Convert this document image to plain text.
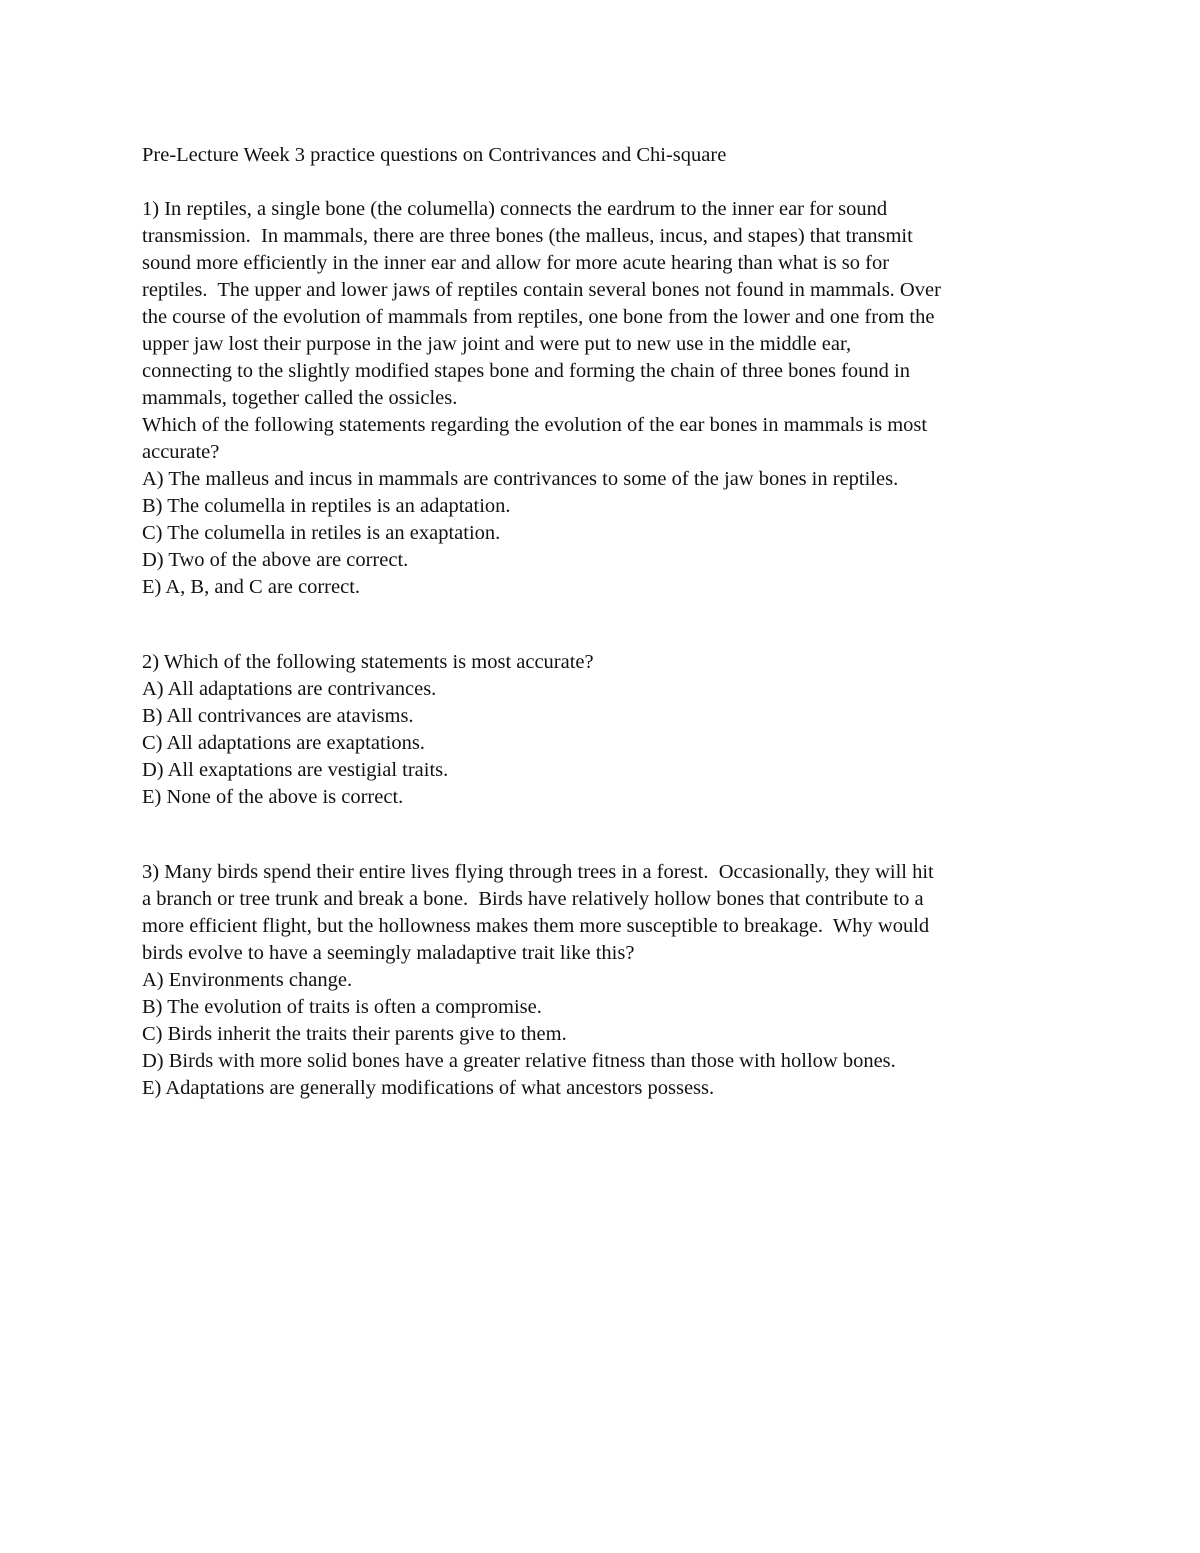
Pre-Lecture Week 3 practice questions on Contrivances and Chi-square
1) In reptiles, a single bone (the columella) connects the eardrum to the inner ear for sound
transmission.  In mammals, there are three bones (the malleus, incus, and stapes) that transmit
sound more efficiently in the inner ear and allow for more acute hearing than what is so for
reptiles.  The upper and lower jaws of reptiles contain several bones not found in mammals. Over
the course of the evolution of mammals from reptiles, one bone from the lower and one from the
upper jaw lost their purpose in the jaw joint and were put to new use in the middle ear,
connecting to the slightly modified stapes bone and forming the chain of three bones found in
mammals, together called the ossicles.
Which of the following statements regarding the evolution of the ear bones in mammals is most
accurate?
A) The malleus and incus in mammals are contrivances to some of the jaw bones in reptiles.
B) The columella in reptiles is an adaptation.
C) The columella in retiles is an exaptation.
D) Two of the above are correct.
E) A, B, and C are correct.
2) Which of the following statements is most accurate?
A) All adaptations are contrivances.
B) All contrivances are atavisms.
C) All adaptations are exaptations.
D) All exaptations are vestigial traits.
E) None of the above is correct.
3) Many birds spend their entire lives flying through trees in a forest.  Occasionally, they will hit
a branch or tree trunk and break a bone.  Birds have relatively hollow bones that contribute to a
more efficient flight, but the hollowness makes them more susceptible to breakage.  Why would
birds evolve to have a seemingly maladaptive trait like this?
A) Environments change.
B) The evolution of traits is often a compromise.
C) Birds inherit the traits their parents give to them.
D) Birds with more solid bones have a greater relative fitness than those with hollow bones.
E) Adaptations are generally modifications of what ancestors possess.
